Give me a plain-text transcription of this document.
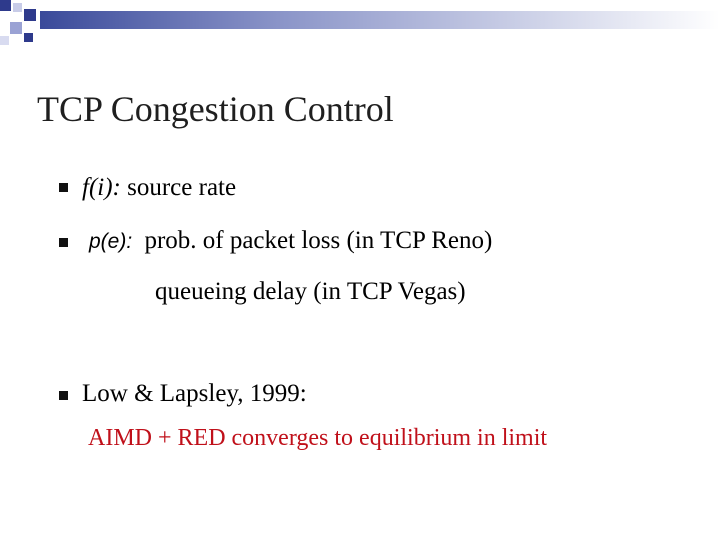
TCP Congestion Control
f(i): source rate
p(e): prob. of packet loss (in TCP Reno)
queueing delay (in TCP Vegas)
Low & Lapsley, 1999:
AIMD + RED converges to equilibrium in limit
